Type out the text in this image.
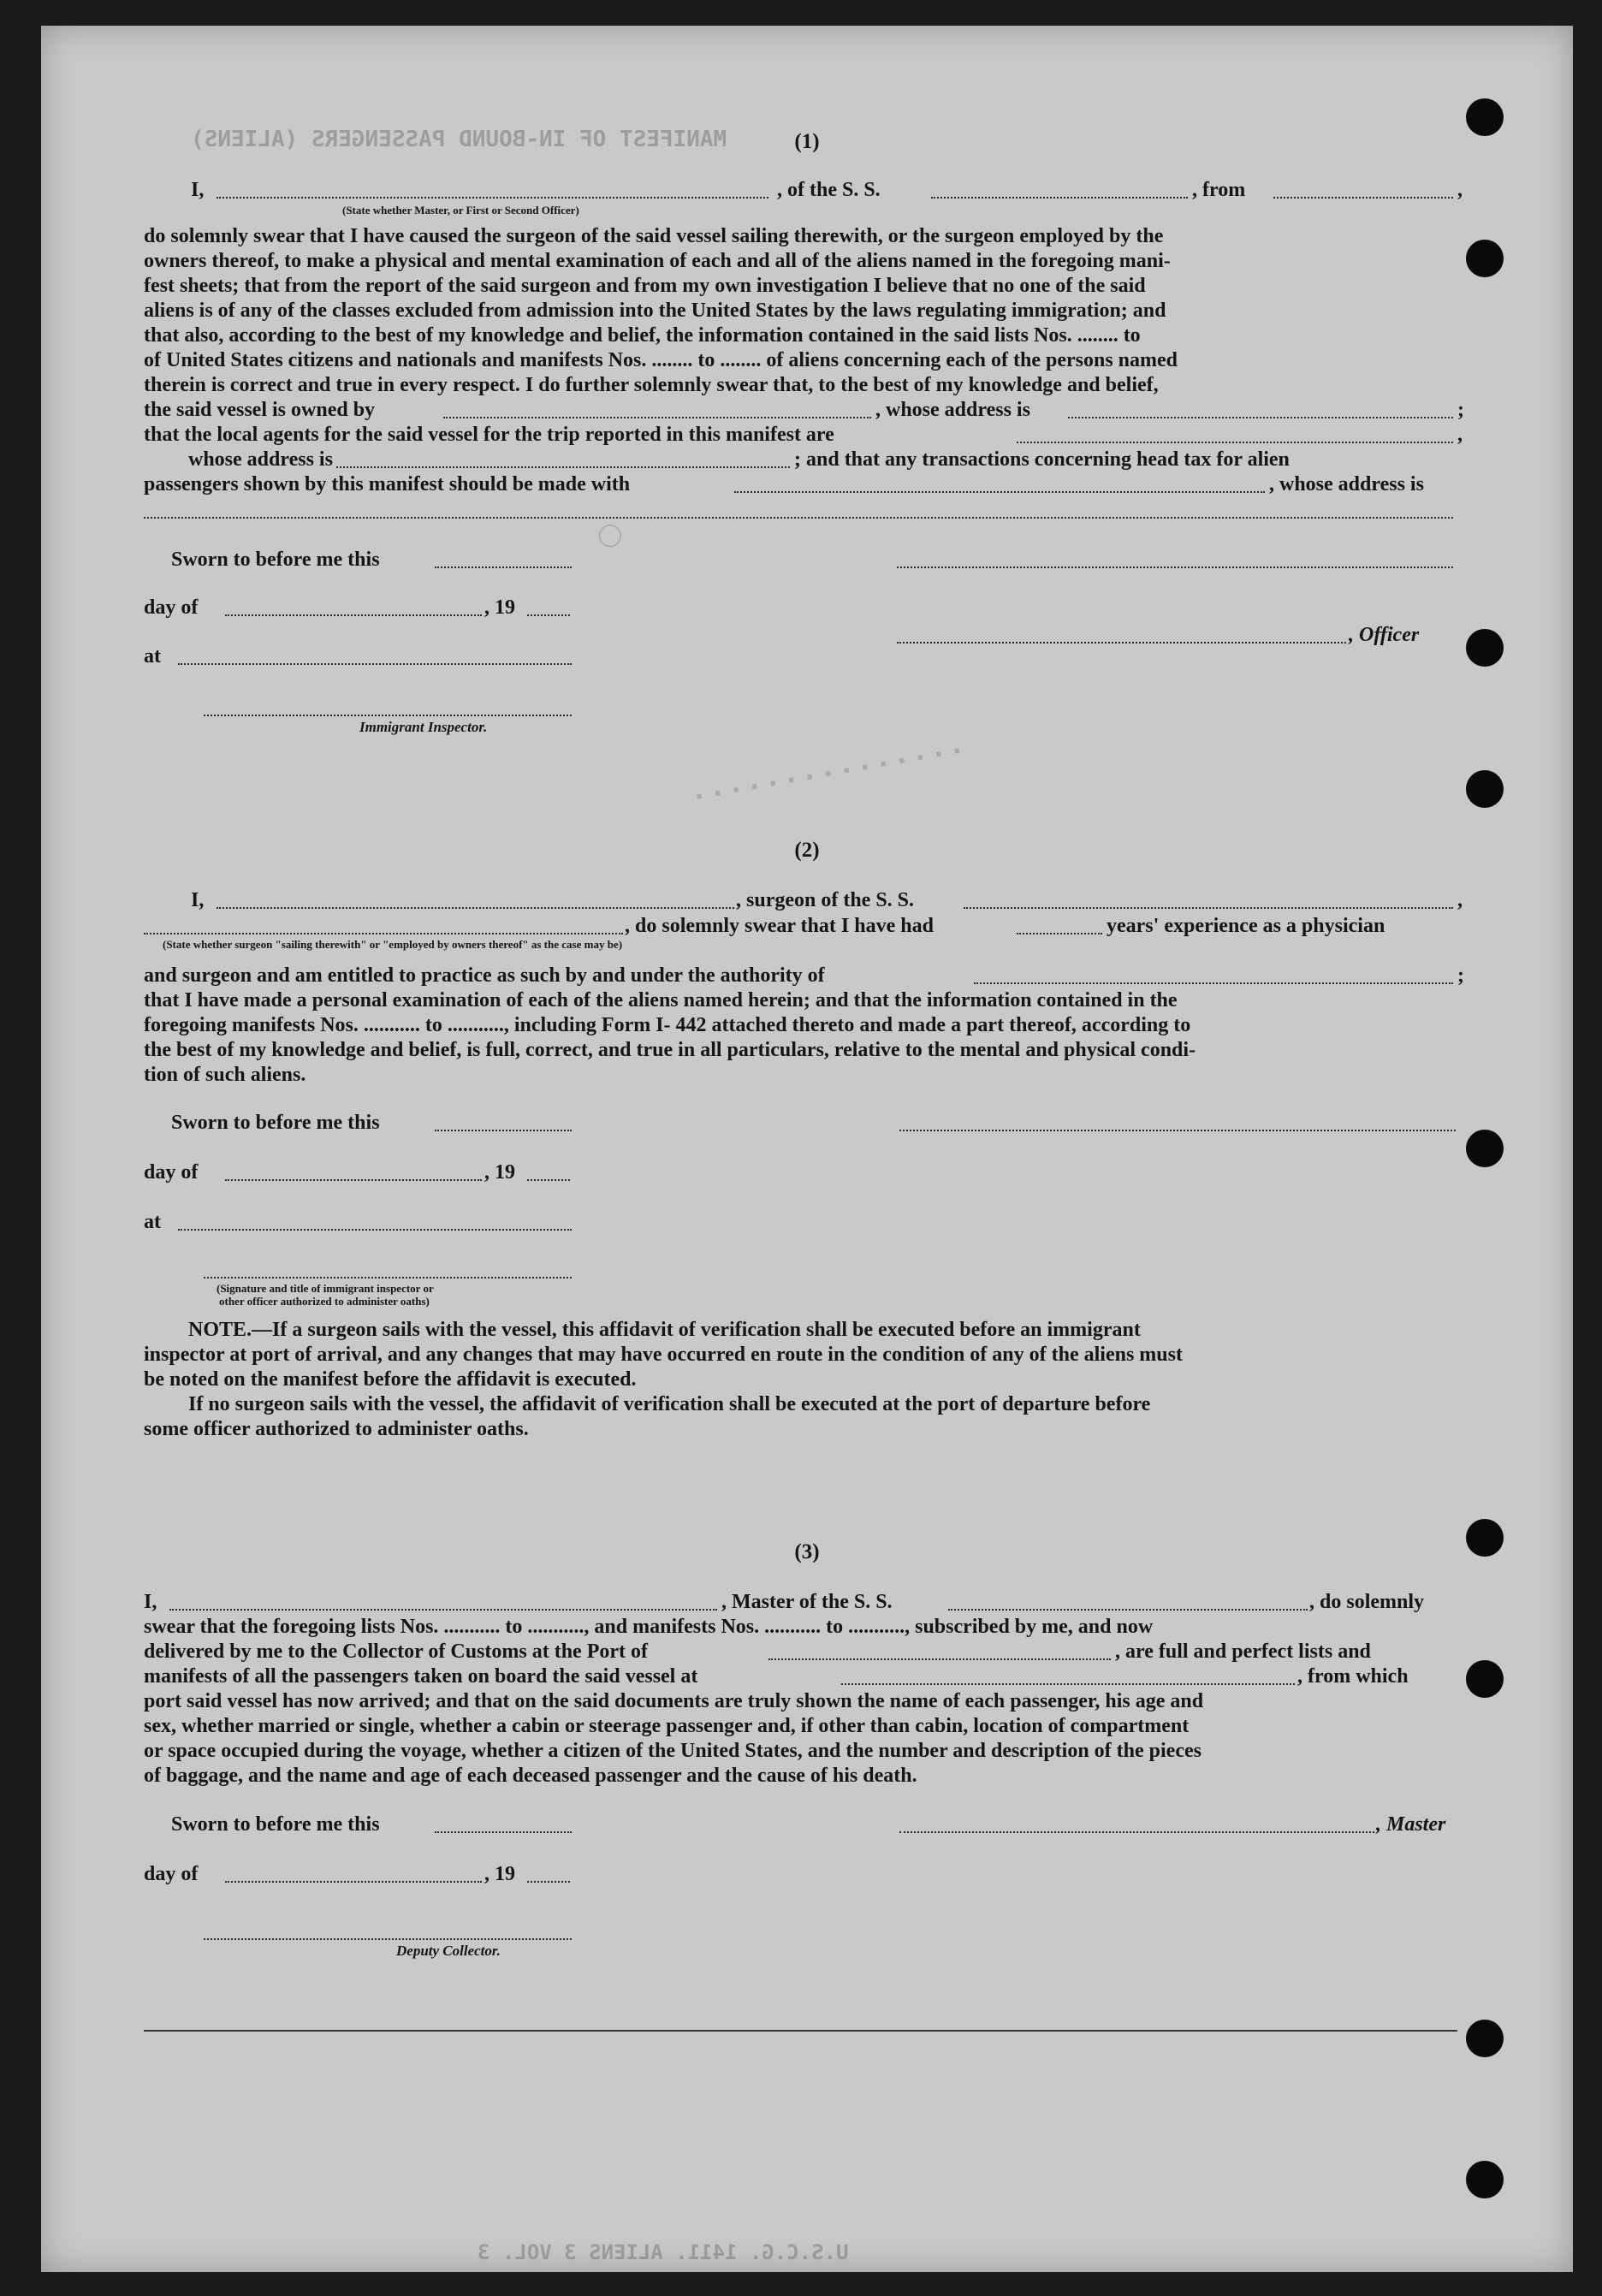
MANIFEST OF IN-BOUND PASSENGERS (ALIENS)
U.S.C.G. 1411. ALIENS 3 VOL. 3
(1)
I,	, of the S. S.	, from	,
(State whether Master, or First or Second Officer)
do solemnly swear that I have caused the surgeon of the said vessel sailing therewith, or the surgeon employed by the
owners thereof, to make a physical and mental examination of each and all of the aliens named in the foregoing mani-
fest sheets; that from the report of the said surgeon and from my own investigation I believe that no one of the said
aliens is of any of the classes excluded from admission into the United States by the laws regulating immigration; and
that also, according to the best of my knowledge and belief, the information contained in the said lists Nos. ........ to
of United States citizens and nationals and manifests Nos. ........ to ........ of aliens concerning each of the persons named
therein is correct and true in every respect. I do further solemnly swear that, to the best of my knowledge and belief,
the said vessel is owned by	, whose address is	;
that the local agents for the said vessel for the trip reported in this manifest are	,
whose address is	; and that any transactions concerning head tax for alien
passengers shown by this manifest should be made with	, whose address is
Sworn to before me this
day of	, 19
, Officer
at
Immigrant Inspector.
◯
. . . . . . . . . . . . . . .
(2)
I,	, surgeon of the S. S.	,
, do solemnly swear that I have had	years' experience as a physician
(State whether surgeon "sailing therewith" or "employed by owners thereof" as the case may be)
and surgeon and am entitled to practice as such by and under the authority of	;
that I have made a personal examination of each of the aliens named herein; and that the information contained in the
foregoing manifests Nos. ........... to ..........., including Form I- 442 attached thereto and made a part thereof, according to
the best of my knowledge and belief, is full, correct, and true in all particulars, relative to the mental and physical condi-
tion of such aliens.
Sworn to before me this
day of	, 19
at
(Signature and title of immigrant inspector or
other officer authorized to administer oaths)
NOTE.—If a surgeon sails with the vessel, this affidavit of verification shall be executed before an immigrant
inspector at port of arrival, and any changes that may have occurred en route in the condition of any of the aliens must
be noted on the manifest before the affidavit is executed.
If no surgeon sails with the vessel, the affidavit of verification shall be executed at the port of departure before
some officer authorized to administer oaths.
(3)
I,	, Master of the S. S.	, do solemnly
swear that the foregoing lists Nos. ........... to ..........., and manifests Nos. ........... to ..........., subscribed by me, and now
delivered by me to the Collector of Customs at the Port of	, are full and perfect lists and
manifests of all the passengers taken on board the said vessel at	, from which
port said vessel has now arrived; and that on the said documents are truly shown the name of each passenger, his age and
sex, whether married or single, whether a cabin or steerage passenger and, if other than cabin, location of compartment
or space occupied during the voyage, whether a citizen of the United States, and the number and description of the pieces
of baggage, and the name and age of each deceased passenger and the cause of his death.
Sworn to before me this	, Master
day of	, 19
Deputy Collector.
